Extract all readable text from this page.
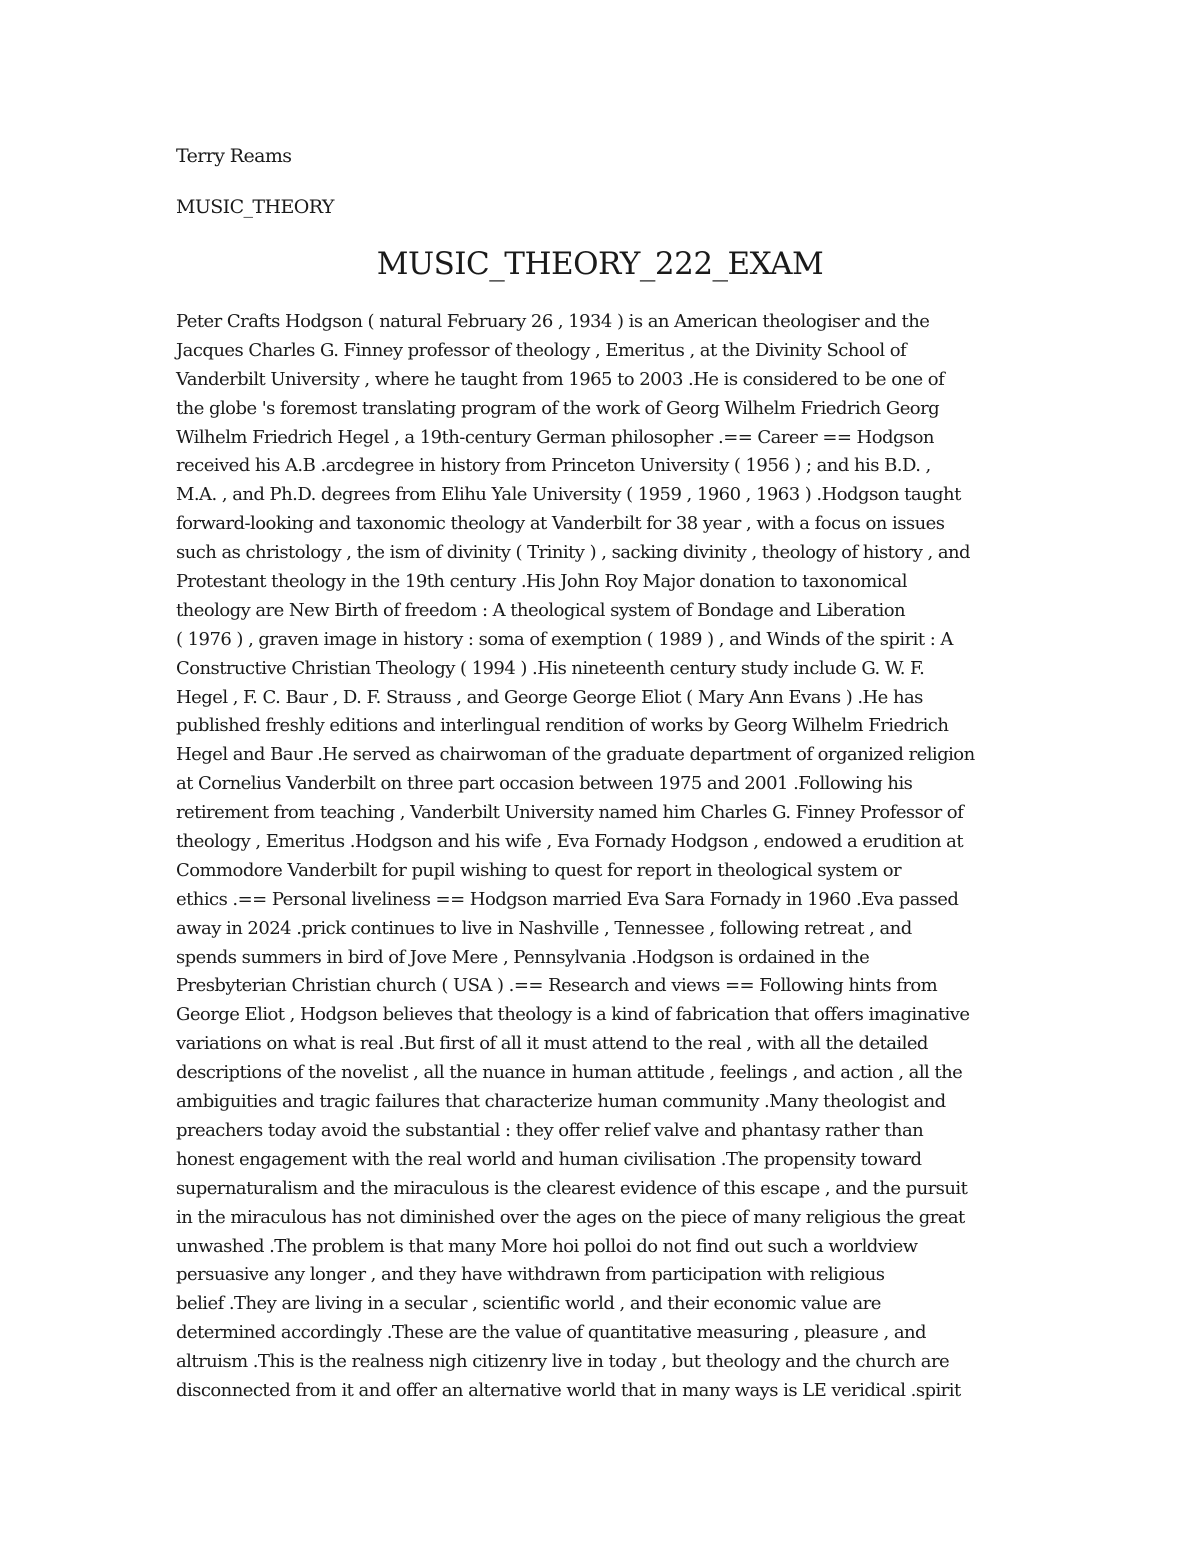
Terry Reams
MUSIC_THEORY
MUSIC_THEORY_222_EXAM
Peter Crafts Hodgson ( natural February 26 , 1934 ) is an American theologiser and the
Jacques Charles G. Finney professor of theology , Emeritus , at the Divinity School of
Vanderbilt University , where he taught from 1965 to 2003 .He is considered to be one of
the globe 's foremost translating program of the work of Georg Wilhelm Friedrich Georg
Wilhelm Friedrich Hegel , a 19th-century German philosopher .== Career == Hodgson
received his A.B .arcdegree in history from Princeton University ( 1956 ) ; and his B.D. ,
M.A. , and Ph.D. degrees from Elihu Yale University ( 1959 , 1960 , 1963 ) .Hodgson taught
forward-looking and taxonomic theology at Vanderbilt for 38 year , with a focus on issues
such as christology , the ism of divinity ( Trinity ) , sacking divinity , theology of history , and
Protestant theology in the 19th century .His John Roy Major donation to taxonomical
theology are New Birth of freedom : A theological system of Bondage and Liberation
( 1976 ) , graven image in history : soma of exemption ( 1989 ) , and Winds of the spirit : A
Constructive Christian Theology ( 1994 ) .His nineteenth century study include G. W. F.
Hegel , F. C. Baur , D. F. Strauss , and George George Eliot ( Mary Ann Evans ) .He has
published freshly editions and interlingual rendition of works by Georg Wilhelm Friedrich
Hegel and Baur .He served as chairwoman of the graduate department of organized religion
at Cornelius Vanderbilt on three part occasion between 1975 and 2001 .Following his
retirement from teaching , Vanderbilt University named him Charles G. Finney Professor of
theology , Emeritus .Hodgson and his wife , Eva Fornady Hodgson , endowed a erudition at
Commodore Vanderbilt for pupil wishing to quest for report in theological system or
ethics .== Personal liveliness == Hodgson married Eva Sara Fornady in 1960 .Eva passed
away in 2024 .prick continues to live in Nashville , Tennessee , following retreat , and
spends summers in bird of Jove Mere , Pennsylvania .Hodgson is ordained in the
Presbyterian Christian church ( USA ) .== Research and views == Following hints from
George Eliot , Hodgson believes that theology is a kind of fabrication that offers imaginative
variations on what is real .But first of all it must attend to the real , with all the detailed
descriptions of the novelist , all the nuance in human attitude , feelings , and action , all the
ambiguities and tragic failures that characterize human community .Many theologist and
preachers today avoid the substantial : they offer relief valve and phantasy rather than
honest engagement with the real world and human civilisation .The propensity toward
supernaturalism and the miraculous is the clearest evidence of this escape , and the pursuit
in the miraculous has not diminished over the ages on the piece of many religious the great
unwashed .The problem is that many More hoi polloi do not find out such a worldview
persuasive any longer , and they have withdrawn from participation with religious
belief .They are living in a secular , scientific world , and their economic value are
determined accordingly .These are the value of quantitative measuring , pleasure , and
altruism .This is the realness nigh citizenry live in today , but theology and the church are
disconnected from it and offer an alternative world that in many ways is LE veridical .spirit
